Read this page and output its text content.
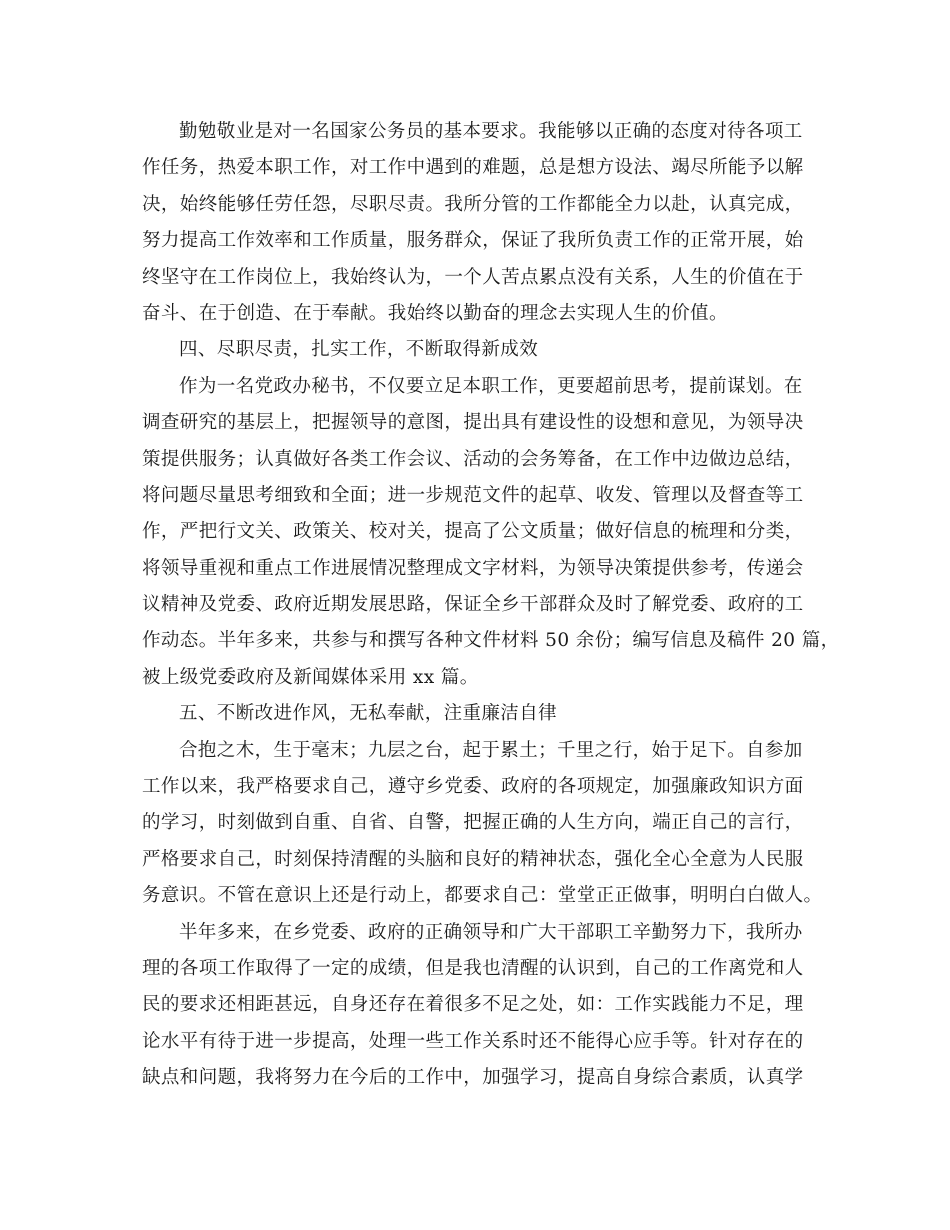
勤勉敬业是对一名国家公务员的基本要求。我能够以正确的态度对待各项工
作任务，热爱本职工作，对工作中遇到的难题，总是想方设法、竭尽所能予以解
决，始终能够任劳任怨，尽职尽责。我所分管的工作都能全力以赴，认真完成，
努力提高工作效率和工作质量，服务群众，保证了我所负责工作的正常开展，始
终坚守在工作岗位上，我始终认为，一个人苦点累点没有关系，人生的价值在于
奋斗、在于创造、在于奉献。我始终以勤奋的理念去实现人生的价值。
四、尽职尽责，扎实工作，不断取得新成效
作为一名党政办秘书，不仅要立足本职工作，更要超前思考，提前谋划。在
调查研究的基层上，把握领导的意图，提出具有建设性的设想和意见，为领导决
策提供服务；认真做好各类工作会议、活动的会务筹备，在工作中边做边总结，
将问题尽量思考细致和全面；进一步规范文件的起草、收发、管理以及督查等工
作，严把行文关、政策关、校对关，提高了公文质量；做好信息的梳理和分类，
将领导重视和重点工作进展情况整理成文字材料，为领导决策提供参考，传递会
议精神及党委、政府近期发展思路，保证全乡干部群众及时了解党委、政府的工
作动态。半年多来，共参与和撰写各种文件材料 50 余份；编写信息及稿件 20 篇，
被上级党委政府及新闻媒体采用 xx 篇。
五、不断改进作风，无私奉献，注重廉洁自律
合抱之木，生于毫末；九层之台，起于累土；千里之行，始于足下。自参加
工作以来，我严格要求自己，遵守乡党委、政府的各项规定，加强廉政知识方面
的学习，时刻做到自重、自省、自警，把握正确的人生方向，端正自己的言行，
严格要求自己，时刻保持清醒的头脑和良好的精神状态，强化全心全意为人民服
务意识。不管在意识上还是行动上，都要求自己：堂堂正正做事，明明白白做人。
半年多来，在乡党委、政府的正确领导和广大干部职工辛勤努力下，我所办
理的各项工作取得了一定的成绩，但是我也清醒的认识到，自己的工作离党和人
民的要求还相距甚远，自身还存在着很多不足之处，如：工作实践能力不足，理
论水平有待于进一步提高，处理一些工作关系时还不能得心应手等。针对存在的
缺点和问题，我将努力在今后的工作中，加强学习，提高自身综合素质，认真学
